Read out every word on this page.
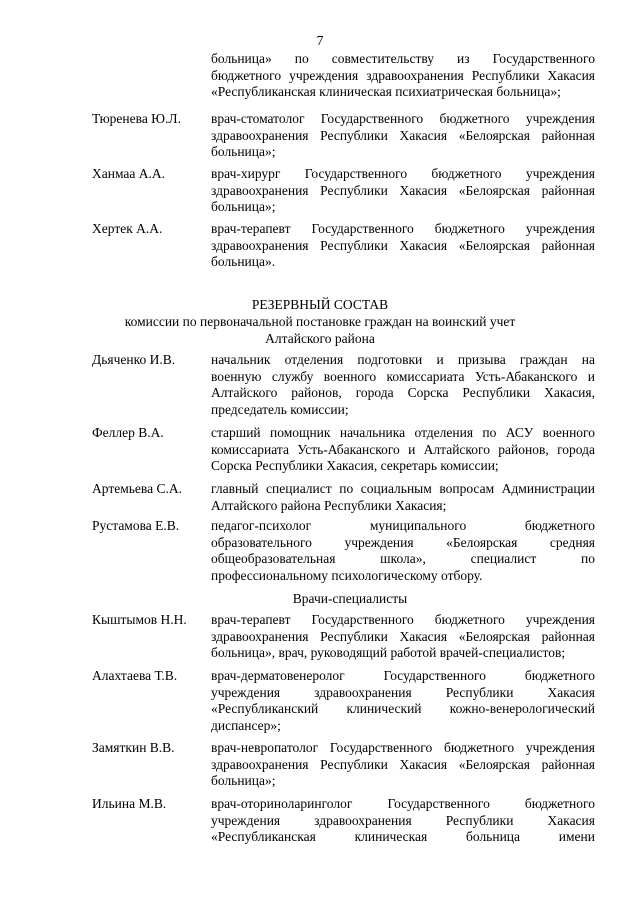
7
больница» по совместительству из Государственного
бюджетного учреждения здравоохранения Республики Хакасия
«Республиканская клиническая психиатрическая больница»;
Тюренева Ю.Л. врач-стоматолог Государственного бюджетного учреждения
здравоохранения Республики Хакасия «Белоярская районная
больница»;
Ханмаа А.А.	врач-хирург Государственного бюджетного учреждения
здравоохранения Республики Хакасия «Белоярская районная
больница»;
Хертек А.А.	врач-терапевт Государственного бюджетного учреждения
здравоохранения Республики Хакасия «Белоярская районная
больница».
РЕЗЕРВНЫЙ СОСТАВ
комиссии по первоначальной постановке граждан на воинский учет
Алтайского района
Дьяченко И.В.	начальник отделения подготовки и призыва граждан на
военную службу военного комиссариата Усть-Абаканского и
Алтайского районов, города Сорска Республики Хакасия,
председатель комиссии;
Феллер В.А.	старший помощник начальника отделения по АСУ военного
комиссариата Усть-Абаканского и Алтайского районов, города
Сорска Республики Хакасия, секретарь комиссии;
Артемьева С.А. главный специалист по социальным вопросам Администрации
Алтайского района Республики Хакасия;
Рустамова Е.В. педагог-психолог муниципального бюджетного
образовательного учреждения «Белоярская средняя
общеобразовательная школа», специалист по
профессиональному психологическому отбору.
Врачи-специалисты
Кыштымов Н.Н. врач-терапевт Государственного бюджетного учреждения
здравоохранения Республики Хакасия «Белоярская районная
больница», врач, руководящий работой врачей-специалистов;
Алахтаева Т.В.	врач-дерматовенеролог Государственного бюджетного
учреждения здравоохранения Республики Хакасия
«Республиканский клинический кожно-венерологический
диспансер»;
Замяткин В.В.	врач-невропатолог Государственного бюджетного учреждения
здравоохранения Республики Хакасия «Белоярская районная
больница»;
Ильина М.В.	врач-оториноларинголог Государственного бюджетного
учреждения здравоохранения Республики Хакасия
«Республиканская клиническая больница имени
